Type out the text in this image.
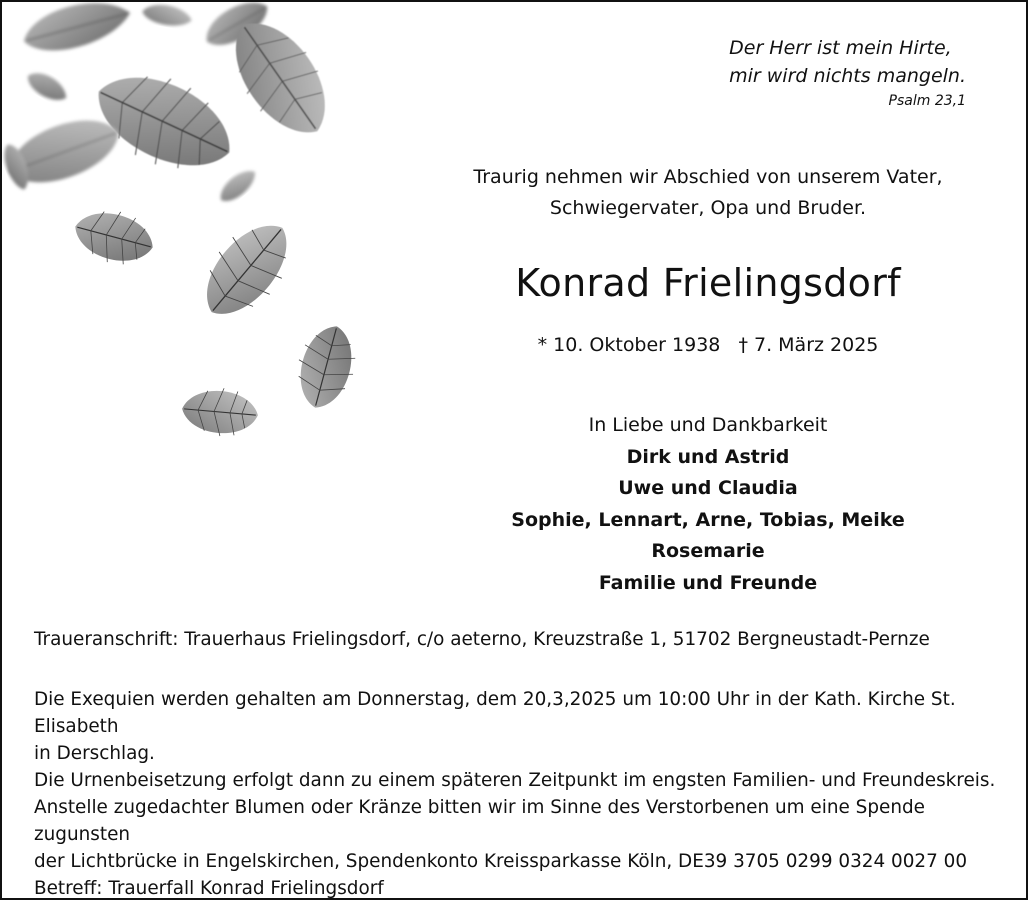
Der Herr ist mein Hirte,
mir wird nichts mangeln.
Psalm 23,1
Traurig nehmen wir Abschied von unserem Vater,
Schwiegervater, Opa und Bruder.
Konrad Frielingsdorf
* 10. Oktober 1938 † 7. März 2025
In Liebe und Dankbarkeit
Dirk und Astrid
Uwe und Claudia
Sophie, Lennart, Arne, Tobias, Meike
Rosemarie
Familie und Freunde

Traueranschrift: Trauerhaus Frielingsdorf, c/o aeterno, Kreuzstraße 1, 51702 Bergneustadt-Pernze

Die Exequien werden gehalten am Donnerstag, dem 20,3,2025 um 10:00 Uhr in der Kath. Kirche St. Elisabeth

in Derschlag.

Die Urnenbeisetzung erfolgt dann zu einem späteren Zeitpunkt im engsten Familien- und Freundeskreis.

Anstelle zugedachter Blumen oder Kränze bitten wir im Sinne des Verstorbenen um eine Spende zugunsten

der Lichtbrücke in Engelskirchen, Spendenkonto Kreissparkasse Köln, DE39 3705 0299 0324 0027 00

Betreff: Trauerfall Konrad Frielingsdorf
